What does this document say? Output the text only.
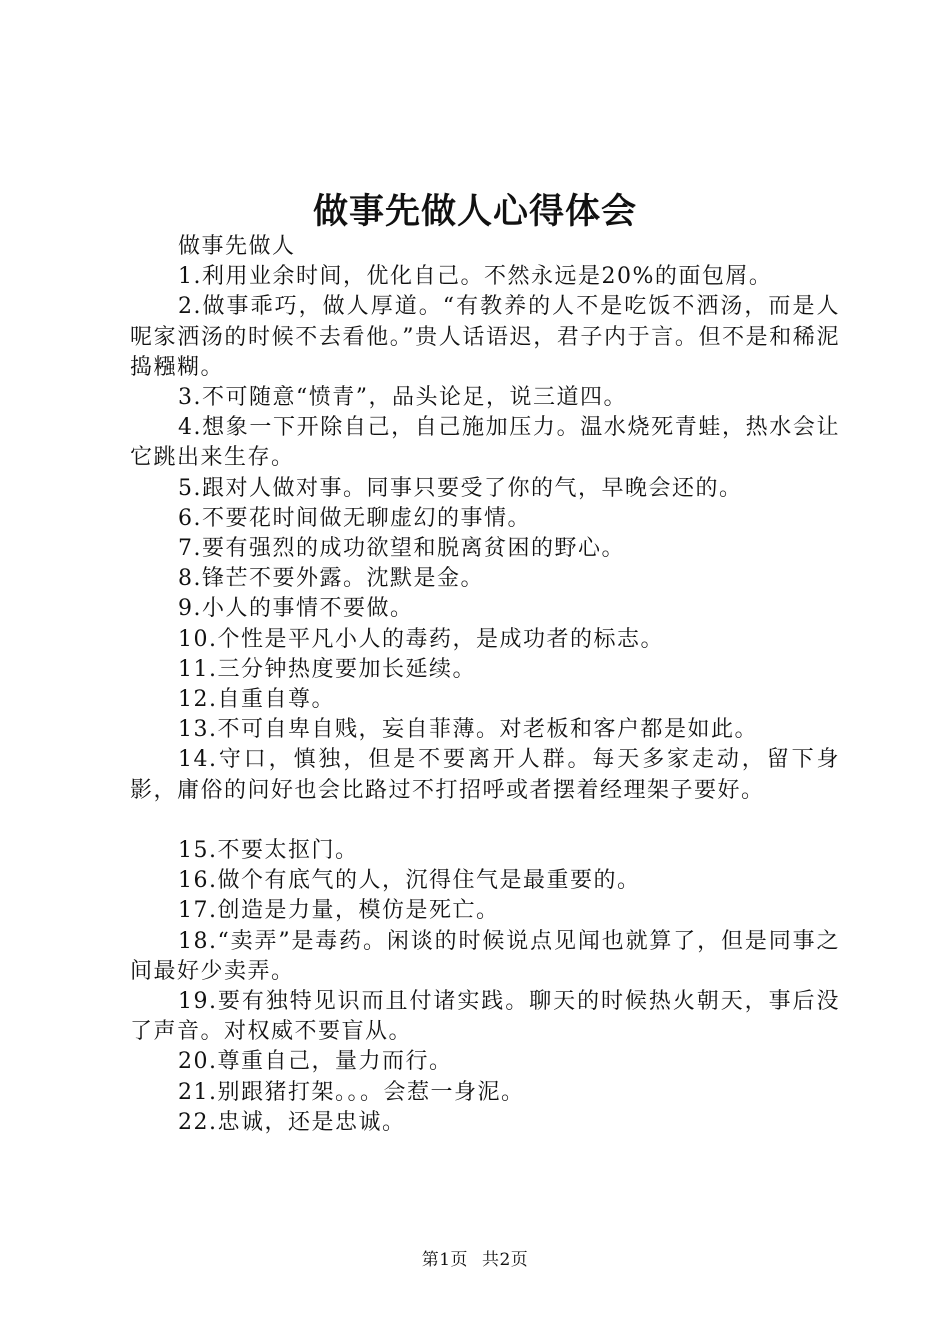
做事先做人心得体会

做事先做人

1.利用业余时间，优化自己。不然永远是20%的面包屑。

2.做事乖巧，做人厚道。“有教养的人不是吃饭不洒汤，而是人呢家洒汤的时候不去看他。”贵人话语迟，君子内于言。但不是和稀泥捣糨糊。

3.不可随意“愤青”，品头论足，说三道四。

4.想象一下开除自己，自己施加压力。温水烧死青蛙，热水会让它跳出来生存。

5.跟对人做对事。同事只要受了你的气，早晚会还的。

6.不要花时间做无聊虚幻的事情。

7.要有强烈的成功欲望和脱离贫困的野心。

8.锋芒不要外露。沈默是金。

9.小人的事情不要做。

10.个性是平凡小人的毒药，是成功者的标志。

11.三分钟热度要加长延续。

12.自重自尊。

13.不可自卑自贱，妄自菲薄。对老板和客户都是如此。

14.守口，慎独，但是不要离开人群。每天多家走动，留下身影，庸俗的问好也会比路过不打招呼或者摆着经理架子要好。

15.不要太抠门。

16.做个有底气的人，沉得住气是最重要的。

17.创造是力量，模仿是死亡。

18.“卖弄”是毒药。闲谈的时候说点见闻也就算了，但是同事之间最好少卖弄。

19.要有独特见识而且付诸实践。聊天的时候热火朝天，事后没了声音。对权威不要盲从。

20.尊重自己，量力而行。

21.别跟猪打架。。。会惹一身泥。

22.忠诚，还是忠诚。

第1页 共2页
